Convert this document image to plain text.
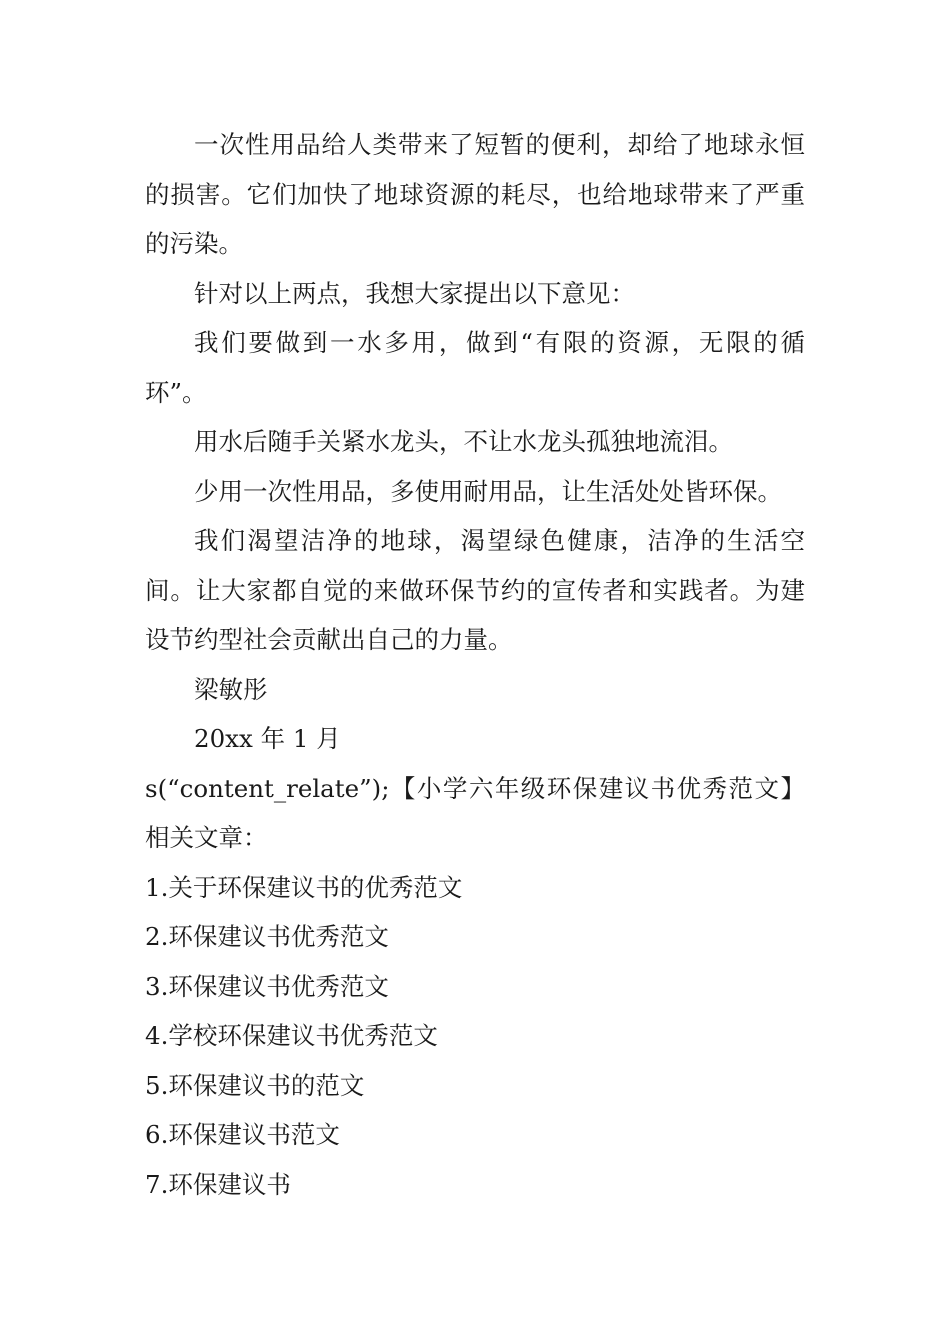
一次性用品给人类带来了短暂的便利，却给了地球永恒的损害。它们加快了地球资源的耗尽，也给地球带来了严重的污染。

针对以上两点，我想大家提出以下意见：

我们要做到一水多用，做到“有限的资源，无限的循环”。

用水后随手关紧水龙头，不让水龙头孤独地流泪。

少用一次性用品，多使用耐用品，让生活处处皆环保。

我们渴望洁净的地球，渴望绿色健康，洁净的生活空间。让大家都自觉的来做环保节约的宣传者和实践者。为建设节约型社会贡献出自己的力量。

梁敏彤

20xx 年 1 月

s(“content_relate”);【小学六年级环保建议书优秀范文】相关文章：

1.关于环保建议书的优秀范文
2.环保建议书优秀范文
3.环保建议书优秀范文
4.学校环保建议书优秀范文
5.环保建议书的范文
6.环保建议书范文
7.环保建议书
